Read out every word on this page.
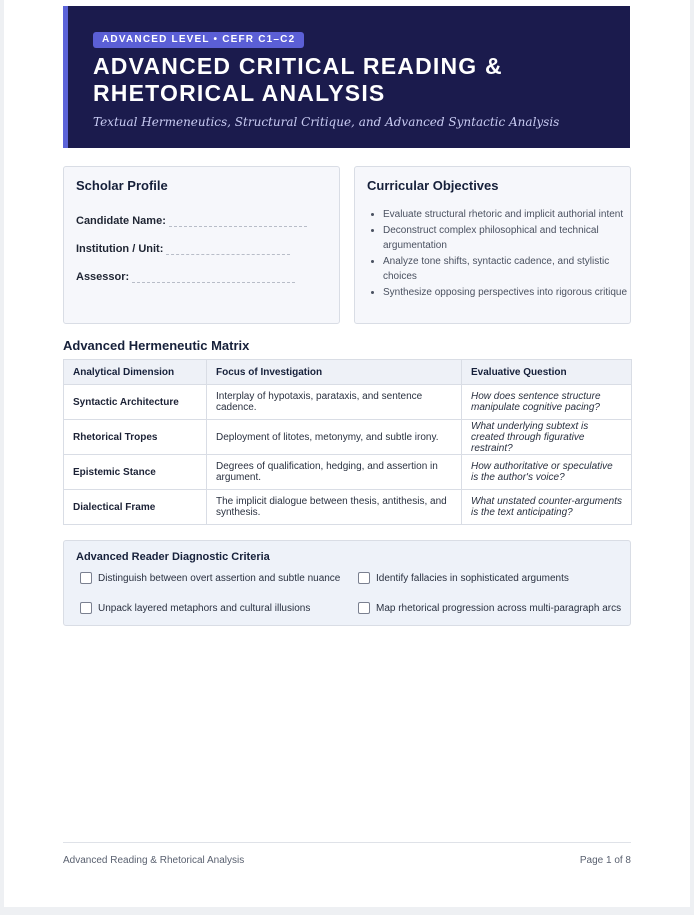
ADVANCED LEVEL • CEFR C1–C2
ADVANCED CRITICAL READING & RHETORICAL ANALYSIS
Textual Hermeneutics, Structural Critique, and Advanced Syntactic Analysis
Scholar Profile
Candidate Name:
Institution / Unit:
Assessor:
Curricular Objectives
• Evaluate structural rhetoric and implicit authorial intent
• Deconstruct complex philosophical and technical argumentation
• Analyze tone shifts, syntactic cadence, and stylistic choices
• Synthesize opposing perspectives into rigorous critique
Advanced Hermeneutic Matrix
Analytical Dimension	Focus of Investigation	Evaluative Question
Syntactic Architecture	Interplay of hypotaxis, parataxis, and sentence cadence.	How does sentence structure manipulate cognitive pacing?
Rhetorical Tropes	Deployment of litotes, metonymy, and subtle irony.	What underlying subtext is created through figurative restraint?
Epistemic Stance	Degrees of qualification, hedging, and assertion in argument.	How authoritative or speculative is the author's voice?
Dialectical Frame	The implicit dialogue between thesis, antithesis, and synthesis.	What unstated counter-arguments is the text anticipating?
Advanced Reader Diagnostic Criteria
Distinguish between overt assertion and subtle nuance	Identify fallacies in sophisticated arguments
Unpack layered metaphors and cultural illusions	Map rhetorical progression across multi-paragraph arcs
Advanced Reading & Rhetorical Analysis	Page 1 of 8
